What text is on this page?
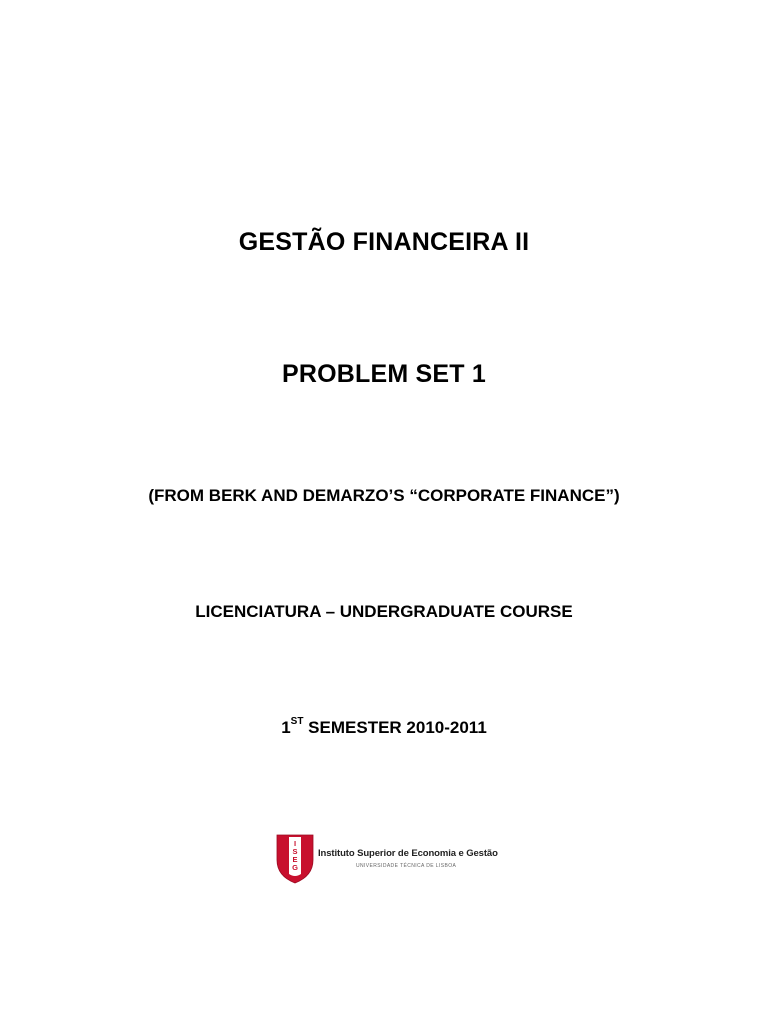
GESTÃO FINANCEIRA II
PROBLEM SET 1
(FROM BERK AND DEMARZO’S “CORPORATE FINANCE”)
LICENCIATURA – UNDERGRADUATE COURSE
1ST SEMESTER 2010-2011
I
S
E
G
Instituto Superior de Economia e Gestão
UNIVERSIDADE TÉCNICA DE LISBOA
